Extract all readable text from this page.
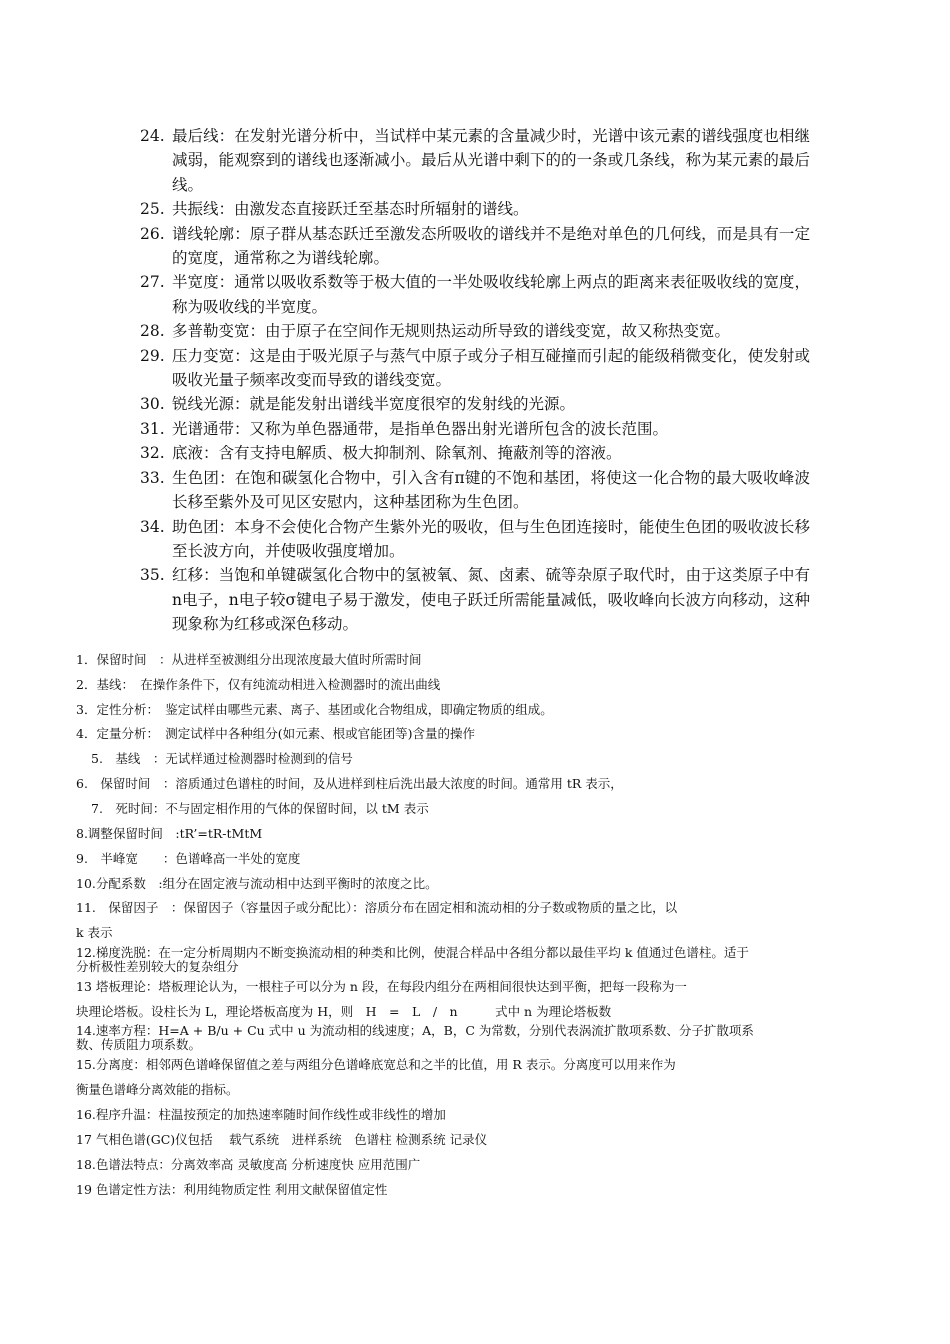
24. 最后线：在发射光谱分析中，当试样中某元素的含量减少时，光谱中该元素的谱线强度也相继减弱，能观察到的谱线也逐渐减小。最后从光谱中剩下的的一条或几条线，称为某元素的最后线。
25. 共振线：由激发态直接跃迁至基态时所辐射的谱线。
26. 谱线轮廓：原子群从基态跃迁至激发态所吸收的谱线并不是绝对单色的几何线，而是具有一定的宽度，通常称之为谱线轮廓。
27. 半宽度：通常以吸收系数等于极大值的一半处吸收线轮廓上两点的距离来表征吸收线的宽度，称为吸收线的半宽度。
28. 多普勒变宽：由于原子在空间作无规则热运动所导致的谱线变宽，故又称热变宽。
29. 压力变宽：这是由于吸光原子与蒸气中原子或分子相互碰撞而引起的能级稍微变化，使发射或吸收光量子频率改变而导致的谱线变宽。
30. 锐线光源：就是能发射出谱线半宽度很窄的发射线的光源。
31. 光谱通带：又称为单色器通带，是指单色器出射光谱所包含的波长范围。
32. 底液：含有支持电解质、极大抑制剂、除氧剂、掩蔽剂等的溶液。
33. 生色团：在饱和碳氢化合物中，引入含有π键的不饱和基团，将使这一化合物的最大吸收峰波长移至紫外及可见区安慰内，这种基团称为生色团。
34. 助色团：本身不会使化合物产生紫外光的吸收，但与生色团连接时，能使生色团的吸收波长移至长波方向，并使吸收强度增加。
35. 红移：当饱和单键碳氢化合物中的氢被氧、氮、卤素、硫等杂原子取代时，由于这类原子中有n电子，n电子较σ键电子易于激发，使电子跃迁所需能量减低，吸收峰向长波方向移动，这种现象称为红移或深色移动。
1．保留时间　：从进样至被测组分出现浓度最大值时所需时间
2．基线：　在操作条件下，仅有纯流动相进入检测器时的流出曲线
3．定性分析：　鉴定试样由哪些元素、离子、基团或化合物组成，即确定物质的组成。
4．定量分析：　测定试样中各种组分(如元素、根或官能团等)含量的操作
5.　基线　：无试样通过检测器时检测到的信号
6.　保留时间　：溶质通过色谱柱的时间，及从进样到柱后洗出最大浓度的时间。通常用 tR 表示，
7.　死时间：不与固定相作用的气体的保留时间，以 tM 表示
8.调整保留时间　:tR’=tR-tMtM
9.　半峰宽　　：色谱峰高一半处的宽度
10.分配系数　:组分在固定液与流动相中达到平衡时的浓度之比。
11.　保留因子　：保留因子（容量因子或分配比）：溶质分布在固定相和流动相的分子数或物质的量之比，以
k 表示
12.梯度洗脱：在一定分析周期内不断变换流动相的种类和比例，使混合样品中各组分都以最佳平均 k 值通过色谱柱。适于分析极性差别较大的复杂组分
13 塔板理论：塔板理论认为，一根柱子可以分为 n 段，在每段内组分在两相间很快达到平衡，把每一段称为一
块理论塔板。设柱长为 L，理论塔板高度为 H，则　H　=　L　/　n　　　式中 n 为理论塔板数
14.速率方程：H=A + B/u + Cu 式中 u 为流动相的线速度；A，B，C 为常数，分别代表涡流扩散项系数、分子扩散项系数、传质阻力项系数。
15.分离度：相邻两色谱峰保留值之差与两组分色谱峰底宽总和之半的比值，用 R 表示。分离度可以用来作为
衡量色谱峰分离效能的指标。
16.程序升温：柱温按预定的加热速率随时间作线性或非线性的增加
17 气相色谱(GC)仪包括　 载气系统　进样系统　色谱柱 检测系统 记录仪
18.色谱法特点：分离效率高 灵敏度高 分析速度快 应用范围广
19 色谱定性方法：利用纯物质定性 利用文献保留值定性
